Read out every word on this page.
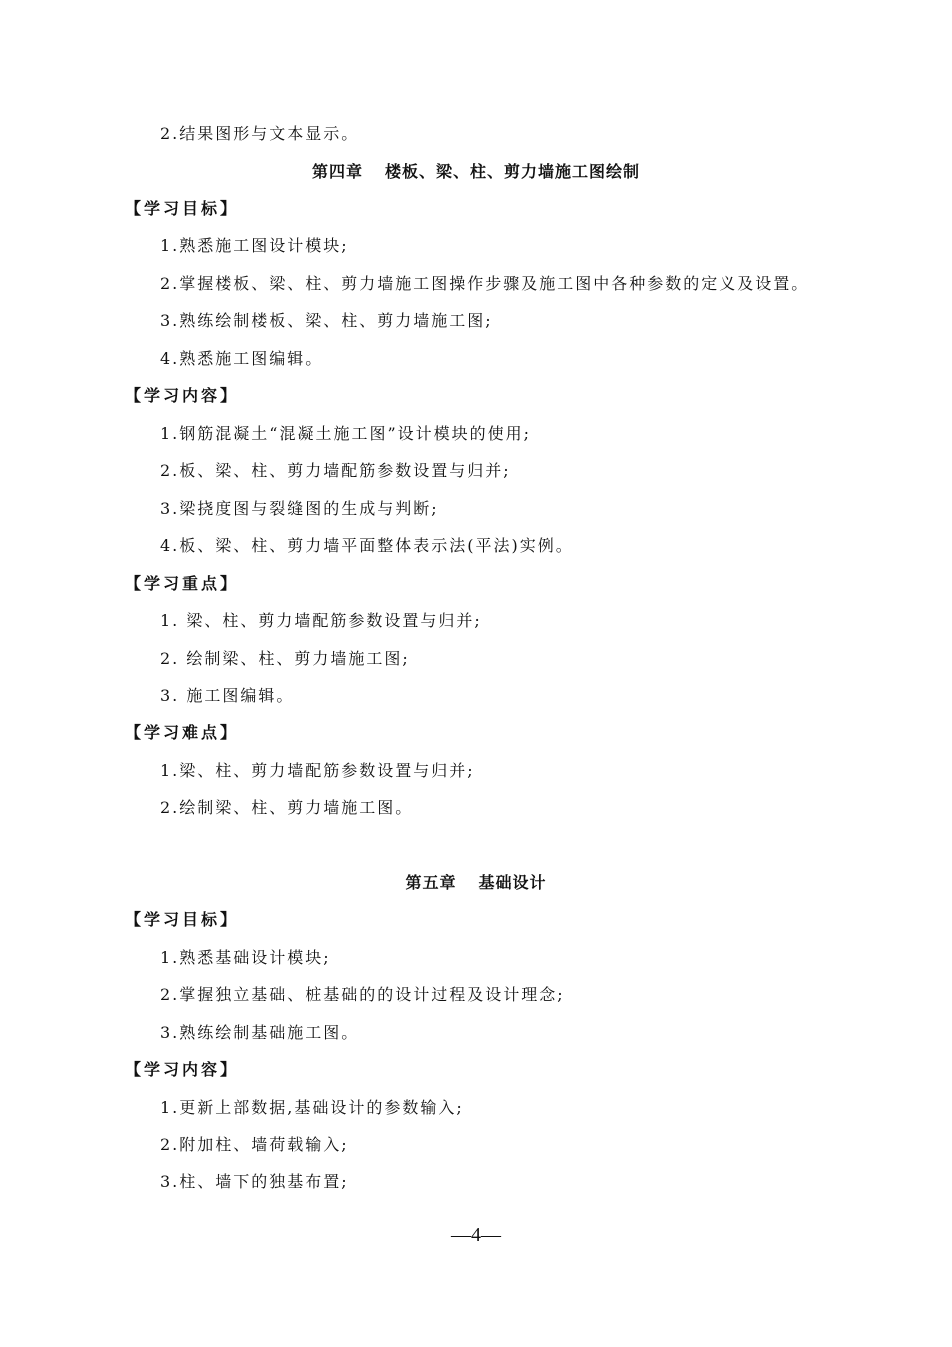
2.结果图形与文本显示。
第四章 楼板、梁、柱、剪力墙施工图绘制
【学习目标】
1.熟悉施工图设计模块;
2.掌握楼板、梁、柱、剪力墙施工图操作步骤及施工图中各种参数的定义及设置。
3.熟练绘制楼板、梁、柱、剪力墙施工图;
4.熟悉施工图编辑。
【学习内容】
1.钢筋混凝土“混凝土施工图”设计模块的使用;
2.板、梁、柱、剪力墙配筋参数设置与归并;
3.梁挠度图与裂缝图的生成与判断;
4.板、梁、柱、剪力墙平面整体表示法(平法)实例。
【学习重点】
1. 梁、柱、剪力墙配筋参数设置与归并;
2. 绘制梁、柱、剪力墙施工图;
3. 施工图编辑。
【学习难点】
1.梁、柱、剪力墙配筋参数设置与归并;
2.绘制梁、柱、剪力墙施工图。
第五章 基础设计
【学习目标】
1.熟悉基础设计模块;
2.掌握独立基础、桩基础的的设计过程及设计理念;
3.熟练绘制基础施工图。
【学习内容】
1.更新上部数据,基础设计的参数输入;
2.附加柱、墙荷载输入;
3.柱、墙下的独基布置;
—4—
